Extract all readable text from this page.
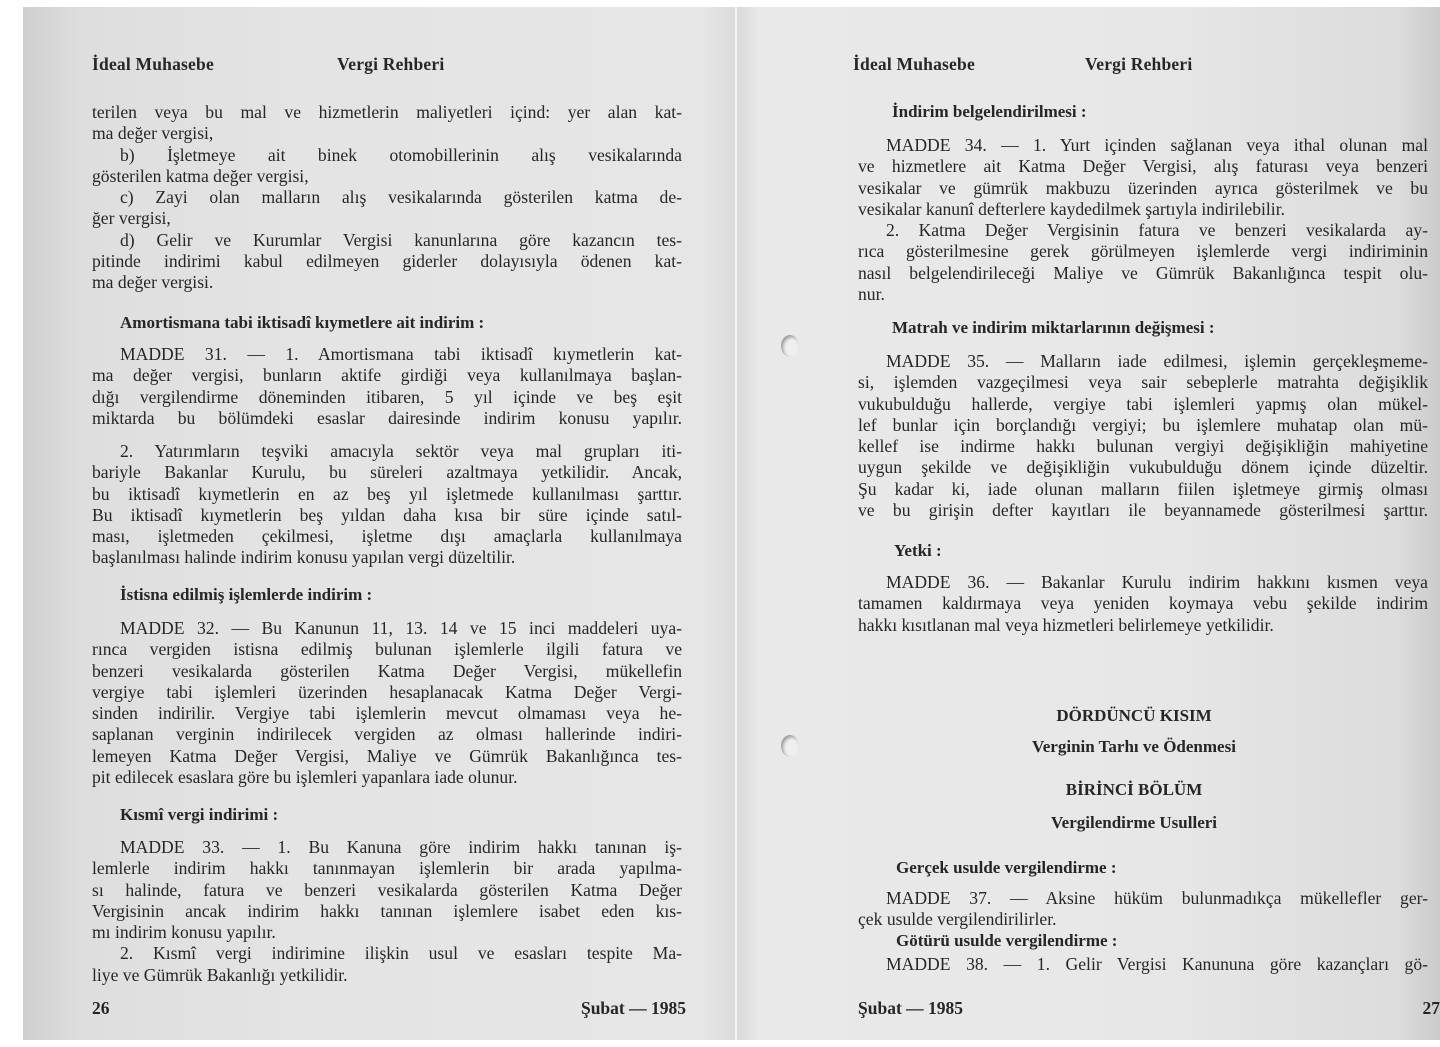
İdeal Muhasebe	Vergi Rehberi
terilen veya bu mal ve hizmetlerin maliyetleri içind: yer alan kat-
ma değer vergisi,
b) İşletmeye ait binek otomobillerinin alış vesikalarında
gösterilen katma değer vergisi,
c) Zayi olan malların alış vesikalarında gösterilen katma de-
ğer vergisi,
d) Gelir ve Kurumlar Vergisi kanunlarına göre kazancın tes-
pitinde indirimi kabul edilmeyen giderler dolayısıyla ödenen kat-
ma değer vergisi.
Amortismana tabi iktisadî kıymetlere ait indirim :
MADDE 31. — 1. Amortismana tabi iktisadî kıymetlerin kat-
ma değer vergisi, bunların aktife girdiği veya kullanılmaya başlan-
dığı vergilendirme döneminden itibaren, 5 yıl içinde ve beş eşit
miktarda bu bölümdeki esaslar dairesinde indirim konusu yapılır.
2. Yatırımların teşviki amacıyla sektör veya mal grupları iti-
bariyle Bakanlar Kurulu, bu süreleri azaltmaya yetkilidir. Ancak,
bu iktisadî kıymetlerin en az beş yıl işletmede kullanılması şarttır.
Bu iktisadî kıymetlerin beş yıldan daha kısa bir süre içinde satıl-
ması, işletmeden çekilmesi, işletme dışı amaçlarla kullanılmaya
başlanılması halinde indirim konusu yapılan vergi düzeltilir.
İstisna edilmiş işlemlerde indirim :
MADDE 32. — Bu Kanunun 11, 13. 14 ve 15 inci maddeleri uya-
rınca vergiden istisna edilmiş bulunan işlemlerle ilgili fatura ve
benzeri vesikalarda gösterilen Katma Değer Vergisi, mükellefin
vergiye tabi işlemleri üzerinden hesaplanacak Katma Değer Vergi-
sinden indirilir. Vergiye tabi işlemlerin mevcut olmaması veya he-
saplanan verginin indirilecek vergiden az olması hallerinde indiri-
lemeyen Katma Değer Vergisi, Maliye ve Gümrük Bakanlığınca tes-
pit edilecek esaslara göre bu işlemleri yapanlara iade olunur.
Kısmî vergi indirimi :
MADDE 33. — 1. Bu Kanuna göre indirim hakkı tanınan iş-
lemlerle indirim hakkı tanınmayan işlemlerin bir arada yapılma-
sı halinde, fatura ve benzeri vesikalarda gösterilen Katma Değer
Vergisinin ancak indirim hakkı tanınan işlemlere isabet eden kıs-
mı indirim konusu yapılır.
2. Kısmî vergi indirimine ilişkin usul ve esasları tespite Ma-
liye ve Gümrük Bakanlığı yetkilidir.
26	Şubat — 1985
İdeal Muhasebe	Vergi Rehberi
İndirim belgelendirilmesi :
MADDE 34. — 1. Yurt içinden sağlanan veya ithal olunan mal
ve hizmetlere ait Katma Değer Vergisi, alış faturası veya benzeri
vesikalar ve gümrük makbuzu üzerinden ayrıca gösterilmek ve bu
vesikalar kanunî defterlere kaydedilmek şartıyla indirilebilir.
2. Katma Değer Vergisinin fatura ve benzeri vesikalarda ay-
rıca gösterilmesine gerek görülmeyen işlemlerde vergi indiriminin
nasıl belgelendirileceği Maliye ve Gümrük Bakanlığınca tespit olu-
nur.
Matrah ve indirim miktarlarının değişmesi :
MADDE 35. — Malların iade edilmesi, işlemin gerçekleşmeme-
si, işlemden vazgeçilmesi veya sair sebeplerle matrahta değişiklik
vukubulduğu hallerde, vergiye tabi işlemleri yapmış olan mükel-
lef bunlar için borçlandığı vergiyi; bu işlemlere muhatap olan mü-
kellef ise indirme hakkı bulunan vergiyi değişikliğin mahiyetine
uygun şekilde ve değişikliğin vukubulduğu dönem içinde düzeltir.
Şu kadar ki, iade olunan malların fiilen işletmeye girmiş olması
ve bu girişin defter kayıtları ile beyannamede gösterilmesi şarttır.
Yetki :
MADDE 36. — Bakanlar Kurulu indirim hakkını kısmen veya
tamamen kaldırmaya veya yeniden koymaya vebu şekilde indirim
hakkı kısıtlanan mal veya hizmetleri belirlemeye yetkilidir.
DÖRDÜNCÜ KISIM
Verginin Tarhı ve Ödenmesi
BİRİNCİ BÖLÜM
Vergilendirme Usulleri
Gerçek usulde vergilendirme :
MADDE 37. — Aksine hüküm bulunmadıkça mükellefler ger-
çek usulde vergilendirilirler.
Götürü usulde vergilendirme :
MADDE 38. — 1. Gelir Vergisi Kanununa göre kazançları gö-
Şubat — 1985	27
